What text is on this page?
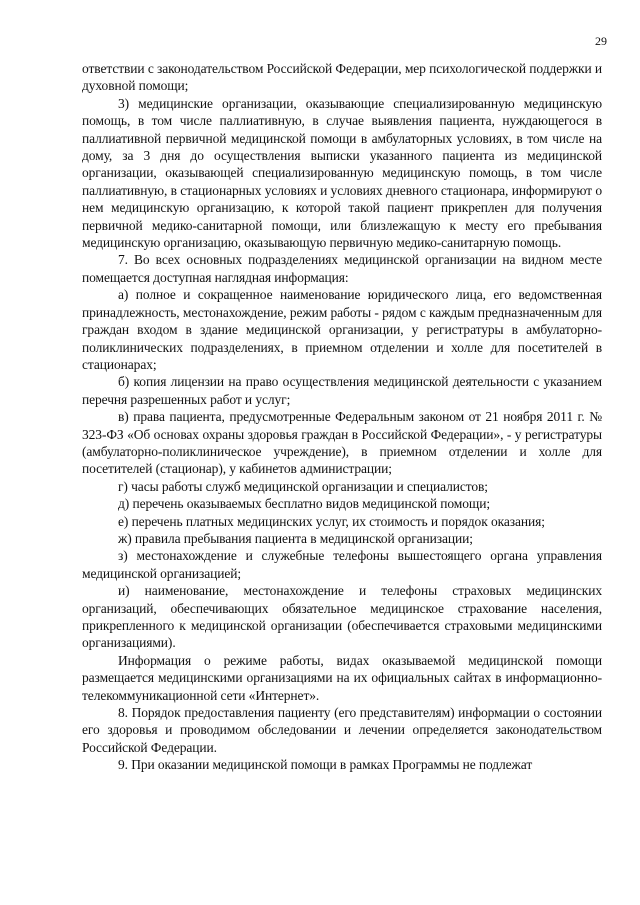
29

ответствии с законодательством Российской Федерации, мер психологической поддержки и духовной помощи;

3) медицинские организации, оказывающие специализированную медицинскую помощь, в том числе паллиативную, в случае выявления пациента, нуждающегося в паллиативной первичной медицинской помощи в амбулаторных условиях, в том числе на дому, за 3 дня до осуществления выписки указанного пациента из медицинской организации, оказывающей специализированную медицинскую помощь, в том числе паллиативную, в стационарных условиях и условиях дневного стационара, информируют о нем медицинскую организацию, к которой такой пациент прикреплен для получения первичной медико-санитарной помощи, или близлежащую к месту его пребывания медицинскую организацию, оказывающую первичную медико-санитарную помощь.

7. Во всех основных подразделениях медицинской организации на видном месте помещается доступная наглядная информация:

а) полное и сокращенное наименование юридического лица, его ведомственная принадлежность, местонахождение, режим работы - рядом с каждым предназначенным для граждан входом в здание медицинской организации, у регистратуры в амбулаторно-поликлинических подразделениях, в приемном отделении и холле для посетителей в стационарах;

б) копия лицензии на право осуществления медицинской деятельности с указанием перечня разрешенных работ и услуг;

в) права пациента, предусмотренные Федеральным законом от 21 ноября 2011 г. № 323-ФЗ «Об основах охраны здоровья граждан в Российской Федерации», - у регистратуры (амбулаторно-поликлиническое учреждение), в приемном отделении и холле для посетителей (стационар), у кабинетов администрации;

г) часы работы служб медицинской организации и специалистов;

д) перечень оказываемых бесплатно видов медицинской помощи;

е) перечень платных медицинских услуг, их стоимость и порядок оказания;

ж) правила пребывания пациента в медицинской организации;

з) местонахождение и служебные телефоны вышестоящего органа управления медицинской организацией;

и) наименование, местонахождение и телефоны страховых медицинских организаций, обеспечивающих обязательное медицинское страхование населения, прикрепленного к медицинской организации (обеспечивается страховыми медицинскими организациями).

Информация о режиме работы, видах оказываемой медицинской помощи размещается медицинскими организациями на их официальных сайтах в информационно-телекоммуникационной сети «Интернет».

8. Порядок предоставления пациенту (его представителям) информации о состоянии его здоровья и проводимом обследовании и лечении определяется законодательством Российской Федерации.

9. При оказании медицинской помощи в рамках Программы не подлежат
